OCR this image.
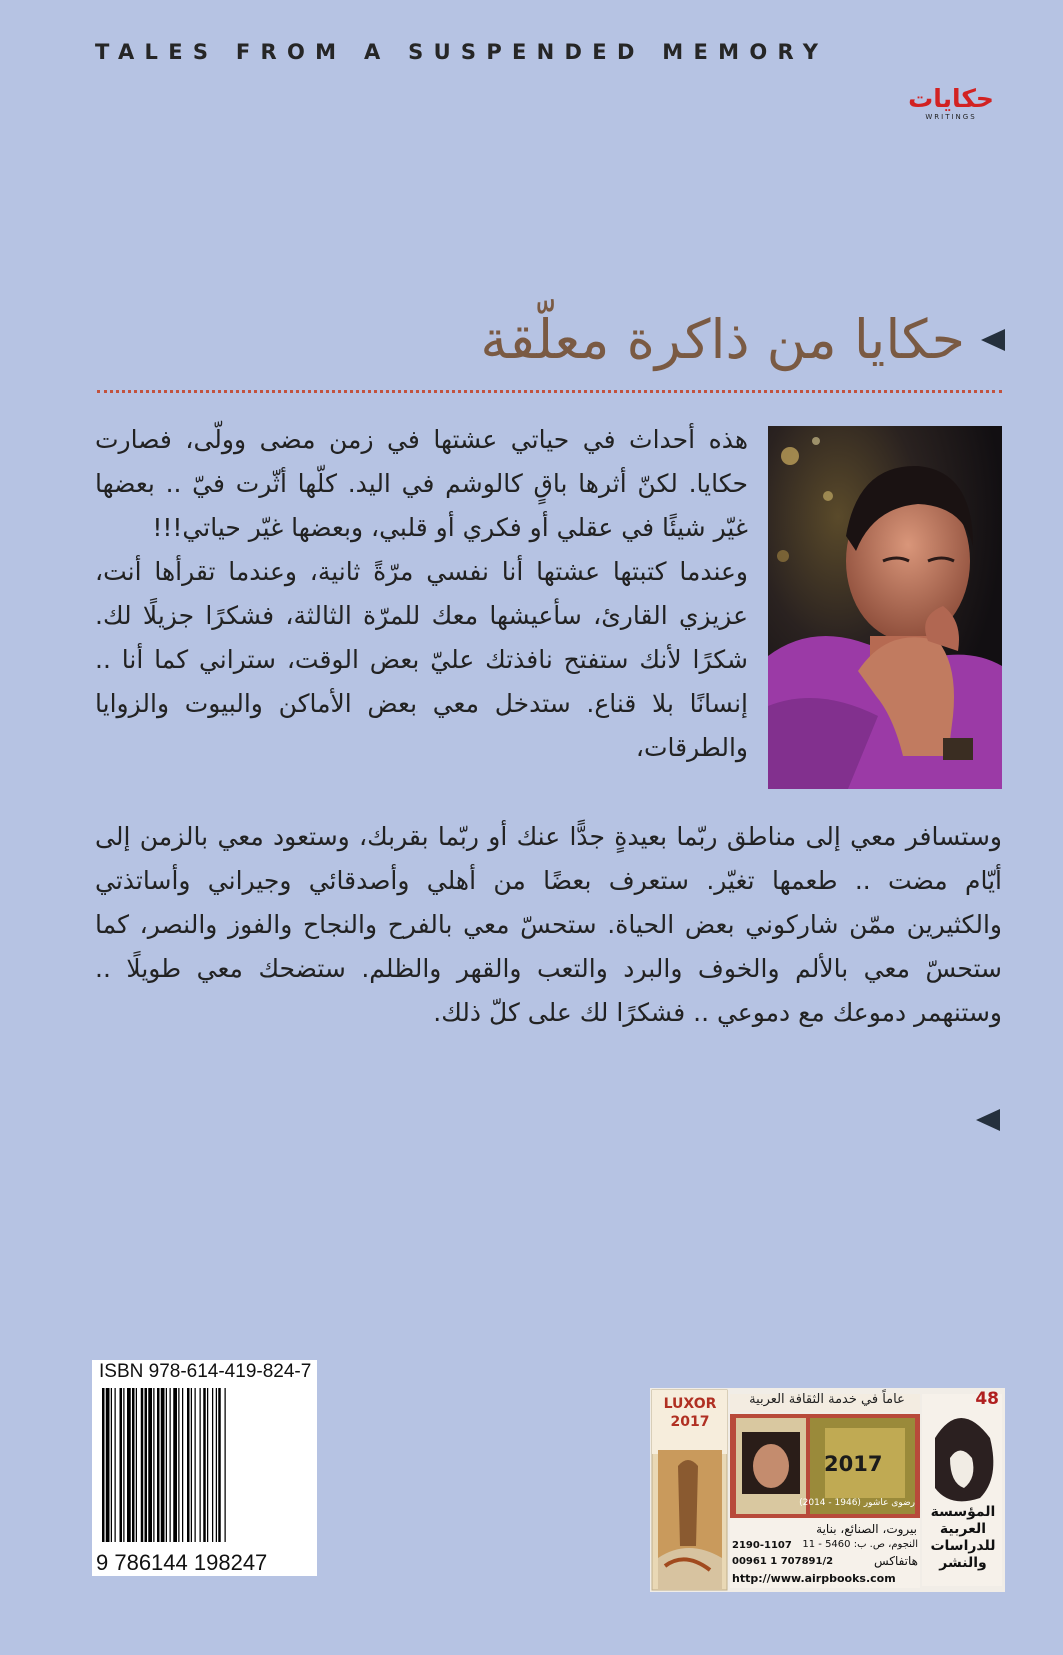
TALES FROM A SUSPENDED MEMORY
حكايات
WRITINGS
حكايا من ذاكرة معلّقة

هذه أحداث في حياتي عشتها في زمن مضى وولّى، فصارت حكايا. لكنّ أثرها باقٍ كالوشم في اليد. كلّها أثّرت فيّ .. بعضها غيّر شيئًا في عقلي أو فكري أو قلبي، وبعضها غيّر حياتي!!!

وعندما كتبتها عشتها أنا نفسي مرّةً ثانية، وعندما تقرأها أنت، عزيزي القارئ، سأعيشها معك للمرّة الثالثة، فشكرًا جزيلًا لك. شكرًا لأنك ستفتح نافذتك عليّ بعض الوقت، ستراني كما أنا .. إنسانًا بلا قناع. ستدخل معي بعض الأماكن والبيوت والزوايا والطرقات،

وستسافر معي إلى مناطق ربّما بعيدةٍ جدًّا عنك أو ربّما بقربك، وستعود معي بالزمن إلى أيّام مضت .. طعمها تغيّر. ستعرف بعضًا من أهلي وأصدقائي وجيراني وأساتذتي والكثيرين ممّن شاركوني بعض الحياة. ستحسّ معي بالفرح والنجاح والفوز والنصر، كما ستحسّ معي بالألم والخوف والبرد والتعب والقهر والظلم. ستضحك معي طويلًا .. وستنهمر دموعك مع دموعي .. فشكرًا لك على كلّ ذلك.

ISBN 978-614-419-824-7
9 786144 198247
48
عاماً في خدمة الثقافة العربية
LUXOR
2017
2017
رضوى عاشور (1946 - 2014)
بيروت، الصنائع، بناية
النجوم، ص. ب: 5460 - 11
2190-1107
00961 1 707891/2	هاتفاكس
http://www.airpbooks.com
المؤسسة
العربية
للدراسات
والنشر
